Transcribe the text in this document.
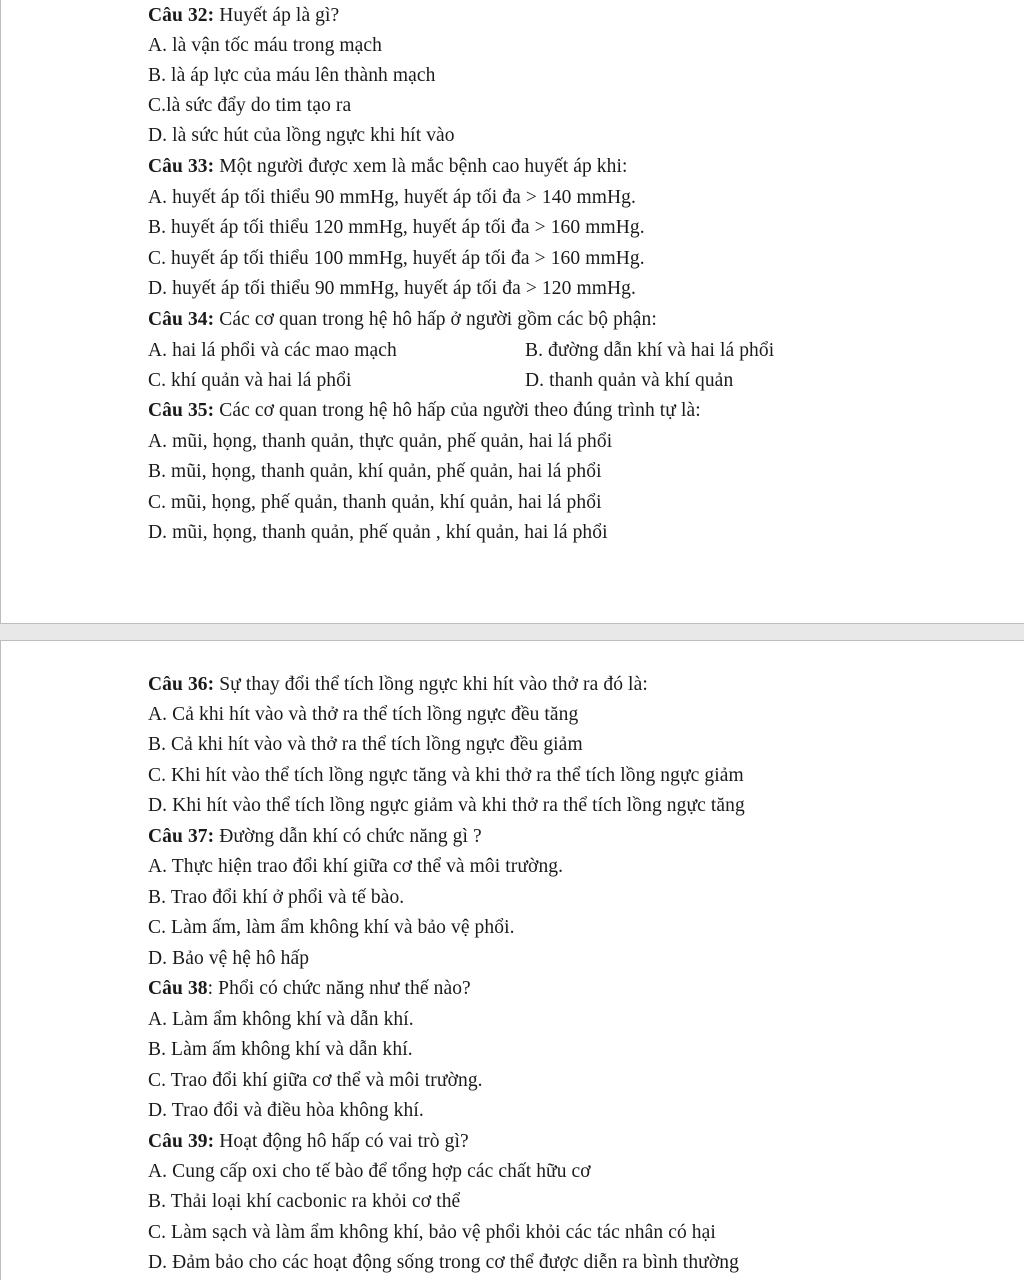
Câu 32: Huyết áp là gì?
A. là vận tốc máu trong mạch
B. là áp lực của máu lên thành mạch
C.là sức đẩy do tim tạo ra
D. là sức hút của lồng ngực khi hít vào
Câu 33: Một người được xem là mắc bệnh cao huyết áp khi:
A. huyết áp tối thiểu 90 mmHg, huyết áp tối đa > 140 mmHg.
B. huyết áp tối thiểu 120 mmHg, huyết áp tối đa > 160 mmHg.
C. huyết áp tối thiểu 100 mmHg, huyết áp tối đa > 160 mmHg.
D. huyết áp tối thiểu 90 mmHg, huyết áp tối đa > 120 mmHg.
Câu 34: Các cơ quan trong hệ hô hấp ở người gồm các bộ phận:
A. hai lá phổi và các mao mạch	B. đường dẫn khí và hai lá phổi
C. khí quản và hai lá phổi	D. thanh quản và khí quản
Câu 35: Các cơ quan trong hệ hô hấp của người theo đúng trình tự là:
A. mũi, họng, thanh quản, thực quản, phế quản, hai lá phổi
B. mũi, họng, thanh quản, khí quản, phế quản, hai lá phổi
C. mũi, họng, phế quản, thanh quản, khí quản, hai lá phổi
D. mũi, họng, thanh quản, phế quản , khí quản, hai lá phổi
Câu 36: Sự thay đổi thể tích lồng ngực khi hít vào thở ra đó là:
A. Cả khi hít vào và thở ra thể tích lồng ngực đều tăng
B. Cả khi hít vào và thở ra thể tích lồng ngực đều giảm
C. Khi hít vào thể tích lồng ngực tăng và khi thở ra thể tích lồng ngực giảm
D. Khi hít vào thể tích lồng ngực giảm và khi thở ra thể tích lồng ngực tăng
Câu 37: Đường dẫn khí có chức năng gì ?
A. Thực hiện trao đổi khí giữa cơ thể và môi trường.
B. Trao đổi khí ở phổi và tế bào.
C. Làm ấm, làm ẩm không khí và bảo vệ phổi.
D. Bảo vệ hệ hô hấp
Câu 38: Phổi có chức năng như thế nào?
A. Làm ẩm không khí và dẫn khí.
B. Làm ấm không khí và dẫn khí.
C. Trao đổi khí giữa cơ thể và môi trường.
D. Trao đổi và điều hòa không khí.
Câu 39: Hoạt động hô hấp có vai trò gì?
A. Cung cấp oxi cho tế bào để tổng hợp các chất hữu cơ
B. Thải loại khí cacbonic ra khỏi cơ thể
C. Làm sạch và làm ẩm không khí, bảo vệ phổi khỏi các tác nhân có hại
D. Đảm bảo cho các hoạt động sống trong cơ thể được diễn ra bình thường
